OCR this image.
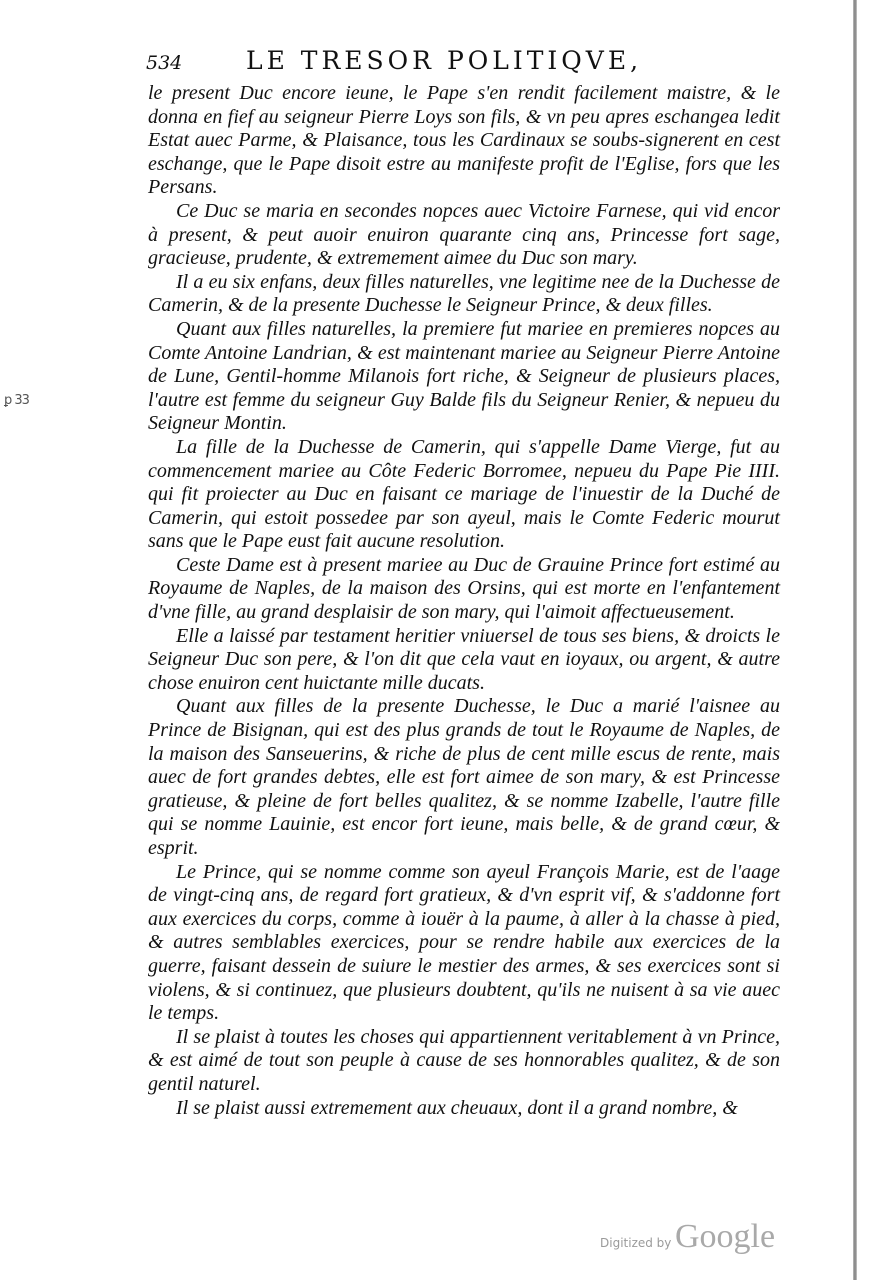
ꝑ 33
534	LE TRESOR POLITIQVE,

le present Duc encore ieune, le Pape s'en rendit facilement maistre, & le donna en fief au seigneur Pierre Loys son fils, & vn peu apres eschangea ledit Estat auec Parme, & Plaisance, tous les Cardinaux se soubs-signerent en cest eschange, que le Pape disoit estre au manifeste profit de l'Eglise, fors que les Persans.

Ce Duc se maria en secondes nopces auec Victoire Farnese, qui vid encor à present, & peut auoir enuiron quarante cinq ans, Princesse fort sage, gracieuse, prudente, & extremement aimee du Duc son mary.

Il a eu six enfans, deux filles naturelles, vne legitime nee de la Duchesse de Camerin, & de la presente Duchesse le Seigneur Prince, & deux filles.

Quant aux filles naturelles, la premiere fut mariee en premieres nopces au Comte Antoine Landrian, & est maintenant mariee au Seigneur Pierre Antoine de Lune, Gentil-homme Milanois fort riche, & Seigneur de plusieurs places, l'autre est femme du seigneur Guy Balde fils du Seigneur Renier, & nepueu du Seigneur Montin.

La fille de la Duchesse de Camerin, qui s'appelle Dame Vierge, fut au commencement mariee au Côte Federic Borromee, nepueu du Pape Pie IIII. qui fit proiecter au Duc en faisant ce mariage de l'inuestir de la Duché de Camerin, qui estoit possedee par son ayeul, mais le Comte Federic mourut sans que le Pape eust fait aucune resolution.

Ceste Dame est à present mariee au Duc de Grauine Prince fort estimé au Royaume de Naples, de la maison des Orsins, qui est morte en l'enfantement d'vne fille, au grand desplaisir de son mary, qui l'aimoit affectueusement.

Elle a laissé par testament heritier vniuersel de tous ses biens, & droicts le Seigneur Duc son pere, & l'on dit que cela vaut en ioyaux, ou argent, & autre chose enuiron cent huictante mille ducats.

Quant aux filles de la presente Duchesse, le Duc a marié l'aisnee au Prince de Bisignan, qui est des plus grands de tout le Royaume de Naples, de la maison des Sanseuerins, & riche de plus de cent mille escus de rente, mais auec de fort grandes debtes, elle est fort aimee de son mary, & est Princesse gratieuse, & pleine de fort belles qualitez, & se nomme Izabelle, l'autre fille qui se nomme Lauinie, est encor fort ieune, mais belle, & de grand cœur, & esprit.

Le Prince, qui se nomme comme son ayeul François Marie, est de l'aage de vingt-cinq ans, de regard fort gratieux, & d'vn esprit vif, & s'addonne fort aux exercices du corps, comme à iouër à la paume, à aller à la chasse à pied, & autres semblables exercices, pour se rendre habile aux exercices de la guerre, faisant dessein de suiure le mestier des armes, & ses exercices sont si violens, & si continuez, que plusieurs doubtent, qu'ils ne nuisent à sa vie auec le temps.

Il se plaist à toutes les choses qui appartiennent veritablement à vn Prince, & est aimé de tout son peuple à cause de ses honnorables qualitez, & de son gentil naturel.

Il se plaist aussi extremement aux cheuaux, dont il a grand nombre, &

Digitized by Google
